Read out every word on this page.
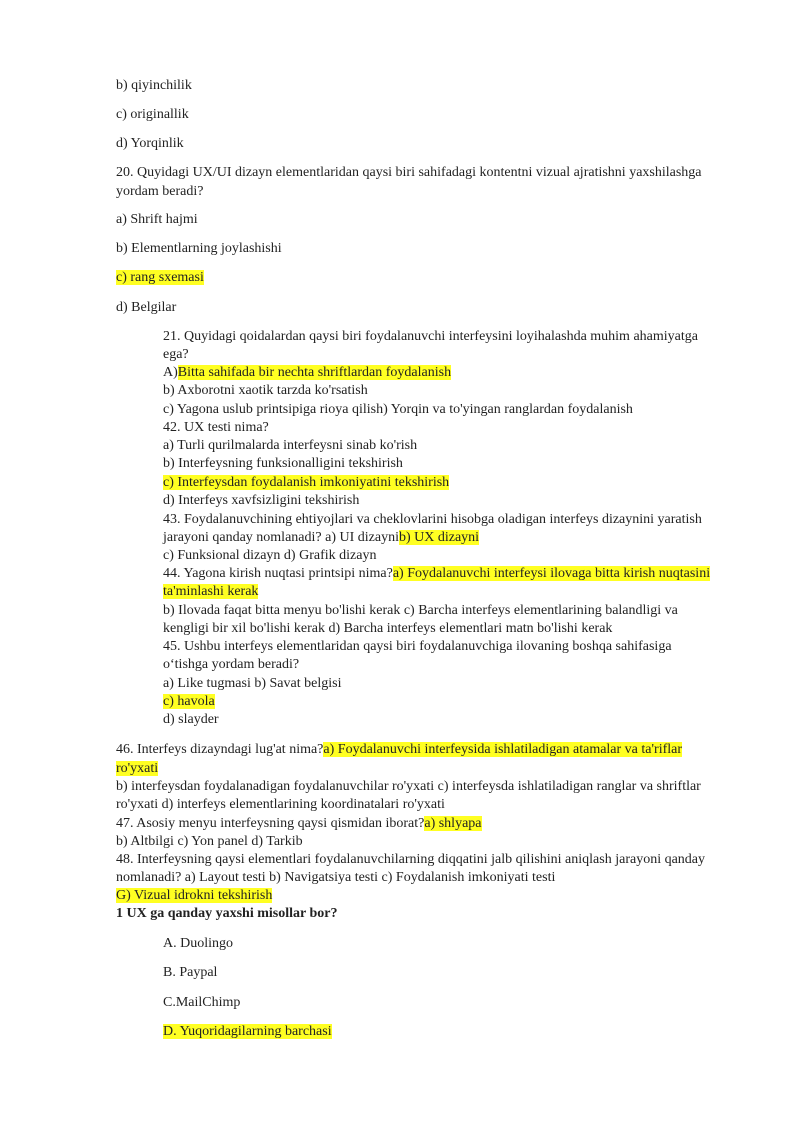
b) qiyinchilik
c) originallik
d) Yorqinlik
20. Quyidagi UX/UI dizayn elementlaridan qaysi biri sahifadagi kontentni vizual ajratishni yaxshilashga
yordam beradi?
a) Shrift hajmi
b) Elementlarning joylashishi
c) rang sxemasi
d) Belgilar
21. Quyidagi qoidalardan qaysi biri foydalanuvchi interfeysini loyihalashda muhim ahamiyatga
ega?
A)Bitta sahifada bir nechta shriftlardan foydalanish
b) Axborotni xaotik tarzda ko'rsatish
c) Yagona uslub printsipiga rioya qilish) Yorqin va to'yingan ranglardan foydalanish
42. UX testi nima?
a) Turli qurilmalarda interfeysni sinab ko'rish
b) Interfeysning funksionalligini tekshirish
c) Interfeysdan foydalanish imkoniyatini tekshirish
d) Interfeys xavfsizligini tekshirish
43. Foydalanuvchining ehtiyojlari va cheklovlarini hisobga oladigan interfeys dizaynini yaratish
jarayoni qanday nomlanadi? a) UI dizaynib) UX dizayni
c) Funksional dizayn d) Grafik dizayn
44. Yagona kirish nuqtasi printsipi nima?a) Foydalanuvchi interfeysi ilovaga bitta kirish nuqtasini
ta'minlashi kerak
b) Ilovada faqat bitta menyu bo'lishi kerak c) Barcha interfeys elementlarining balandligi va
kengligi bir xil bo'lishi kerak d) Barcha interfeys elementlari matn bo'lishi kerak
45. Ushbu interfeys elementlaridan qaysi biri foydalanuvchiga ilovaning boshqa sahifasiga
o‘tishga yordam beradi?
a) Like tugmasi b) Savat belgisi
c) havola
d) slayder
46. Interfeys dizayndagi lug'at nima?a) Foydalanuvchi interfeysida ishlatiladigan atamalar va ta'riflar
ro'yxati
b) interfeysdan foydalanadigan foydalanuvchilar ro'yxati c) interfeysda ishlatiladigan ranglar va shriftlar
ro'yxati d) interfeys elementlarining koordinatalari ro'yxati
47. Asosiy menyu interfeysning qaysi qismidan iborat?a) shlyapa
b) Altbilgi c) Yon panel d) Tarkib
48. Interfeysning qaysi elementlari foydalanuvchilarning diqqatini jalb qilishini aniqlash jarayoni qanday
nomlanadi? a) Layout testi b) Navigatsiya testi c) Foydalanish imkoniyati testi
G) Vizual idrokni tekshirish
1 UX ga qanday yaxshi misollar bor?
A. Duolingo
B. Paypal
C.MailChimp
D. Yuqoridagilarning barchasi
